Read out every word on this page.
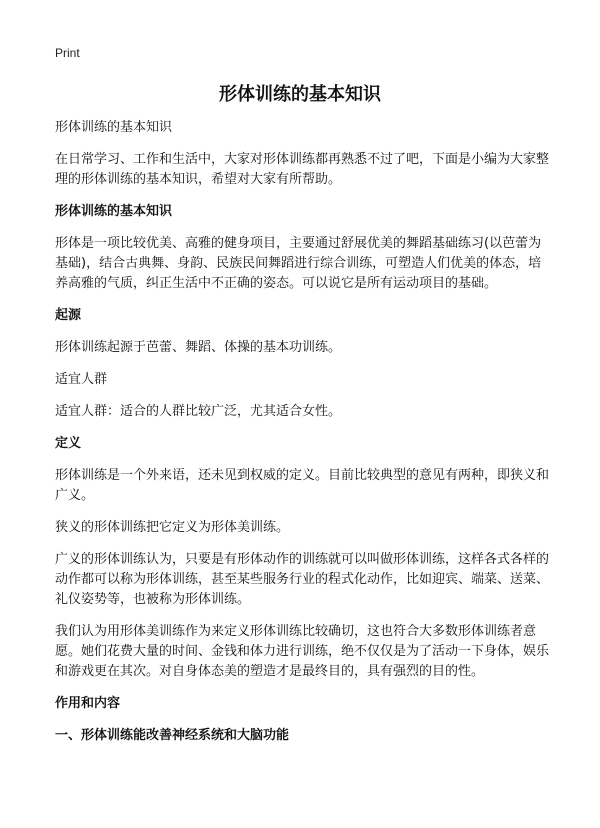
Print
形体训练的基本知识

形体训练的基本知识

在日常学习、工作和生活中，大家对形体训练都再熟悉不过了吧，下面是小编为大家整理的形体训练的基本知识，希望对大家有所帮助。

形体训练的基本知识

形体是一项比较优美、高雅的健身项目，主要通过舒展优美的舞蹈基础练习(以芭蕾为基础)，结合古典舞、身韵、民族民间舞蹈进行综合训练，可塑造人们优美的体态，培养高雅的气质，纠正生活中不正确的姿态。可以说它是所有运动项目的基础。

起源

形体训练起源于芭蕾、舞蹈、体操的基本功训练。

适宜人群

适宜人群：适合的人群比较广泛，尤其适合女性。

定义

形体训练是一个外来语，还未见到权威的定义。目前比较典型的意见有两种，即狭义和广义。

狭义的形体训练把它定义为形体美训练。

广义的形体训练认为，只要是有形体动作的训练就可以叫做形体训练，这样各式各样的动作都可以称为形体训练，甚至某些服务行业的程式化动作，比如迎宾、端菜、送菜、礼仪姿势等，也被称为形体训练。

我们认为用形体美训练作为来定义形体训练比较确切，这也符合大多数形体训练者意愿。她们花费大量的时间、金钱和体力进行训练，绝不仅仅是为了活动一下身体，娱乐和游戏更在其次。对自身体态美的塑造才是最终目的，具有强烈的目的性。

作用和内容
一、形体训练能改善神经系统和大脑功能
